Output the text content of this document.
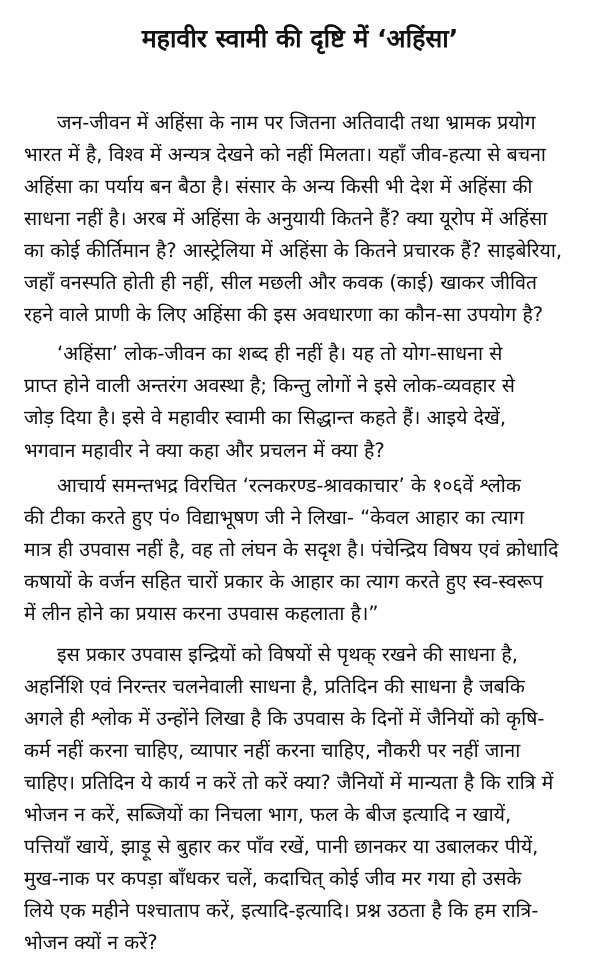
महावीर स्वामी की दृष्टि में ‘अहिंसा’
जन-जीवन में अहिंसा के नाम पर जितना अतिवादी तथा भ्रामक प्रयोग
भारत में है, विश्व में अन्यत्र देखने को नहीं मिलता। यहाँ जीव-हत्या से बचना
अहिंसा का पर्याय बन बैठा है। संसार के अन्य किसी भी देश में अहिंसा की
साधना नहीं है। अरब में अहिंसा के अनुयायी कितने हैं? क्या यूरोप में अहिंसा
का कोई कीर्तिमान है? आस्ट्रेलिया में अहिंसा के कितने प्रचारक हैं? साइबेरिया,
जहाँ वनस्पति होती ही नहीं, सील मछली और कवक (काई) खाकर जीवित
रहने वाले प्राणी के लिए अहिंसा की इस अवधारणा का कौन-सा उपयोग है?
‘अहिंसा’ लोक-जीवन का शब्द ही नहीं है। यह तो योग-साधना से
प्राप्त होने वाली अन्तरंग अवस्था है; किन्तु लोगों ने इसे लोक-व्यवहार से
जोड़ दिया है। इसे वे महावीर स्वामी का सिद्धान्त कहते हैं। आइये देखें,
भगवान महावीर ने क्या कहा और प्रचलन में क्या है?
आचार्य समन्तभद्र विरचित ‘रत्नकरण्ड-श्रावकाचार’ के १०६वें श्लोक
की टीका करते हुए पं० विद्याभूषण जी ने लिखा- “केवल आहार का त्याग
मात्र ही उपवास नहीं है, वह तो लंघन के सदृश है। पंचेन्द्रिय विषय एवं क्रोधादि
कषायों के वर्जन सहित चारों प्रकार के आहार का त्याग करते हुए स्व-स्वरूप
में लीन होने का प्रयास करना उपवास कहलाता है।”
इस प्रकार उपवास इन्द्रियों को विषयों से पृथक् रखने की साधना है,
अहर्निशि एवं निरन्तर चलनेवाली साधना है, प्रतिदिन की साधना है जबकि
अगले ही श्लोक में उन्होंने लिखा है कि उपवास के दिनों में जैनियों को कृषि-
कर्म नहीं करना चाहिए, व्यापार नहीं करना चाहिए, नौकरी पर नहीं जाना
चाहिए। प्रतिदिन ये कार्य न करें तो करें क्या? जैनियों में मान्यता है कि रात्रि में
भोजन न करें, सब्जियों का निचला भाग, फल के बीज इत्यादि न खायें,
पत्तियाँ खायें, झाड़ू से बुहार कर पाँव रखें, पानी छानकर या उबालकर पीयें,
मुख-नाक पर कपड़ा बाँधकर चलें, कदाचित् कोई जीव मर गया हो उसके
लिये एक महीने पश्चाताप करें, इत्यादि-इत्यादि। प्रश्न उठता है कि हम रात्रि-
भोजन क्यों न करें?
